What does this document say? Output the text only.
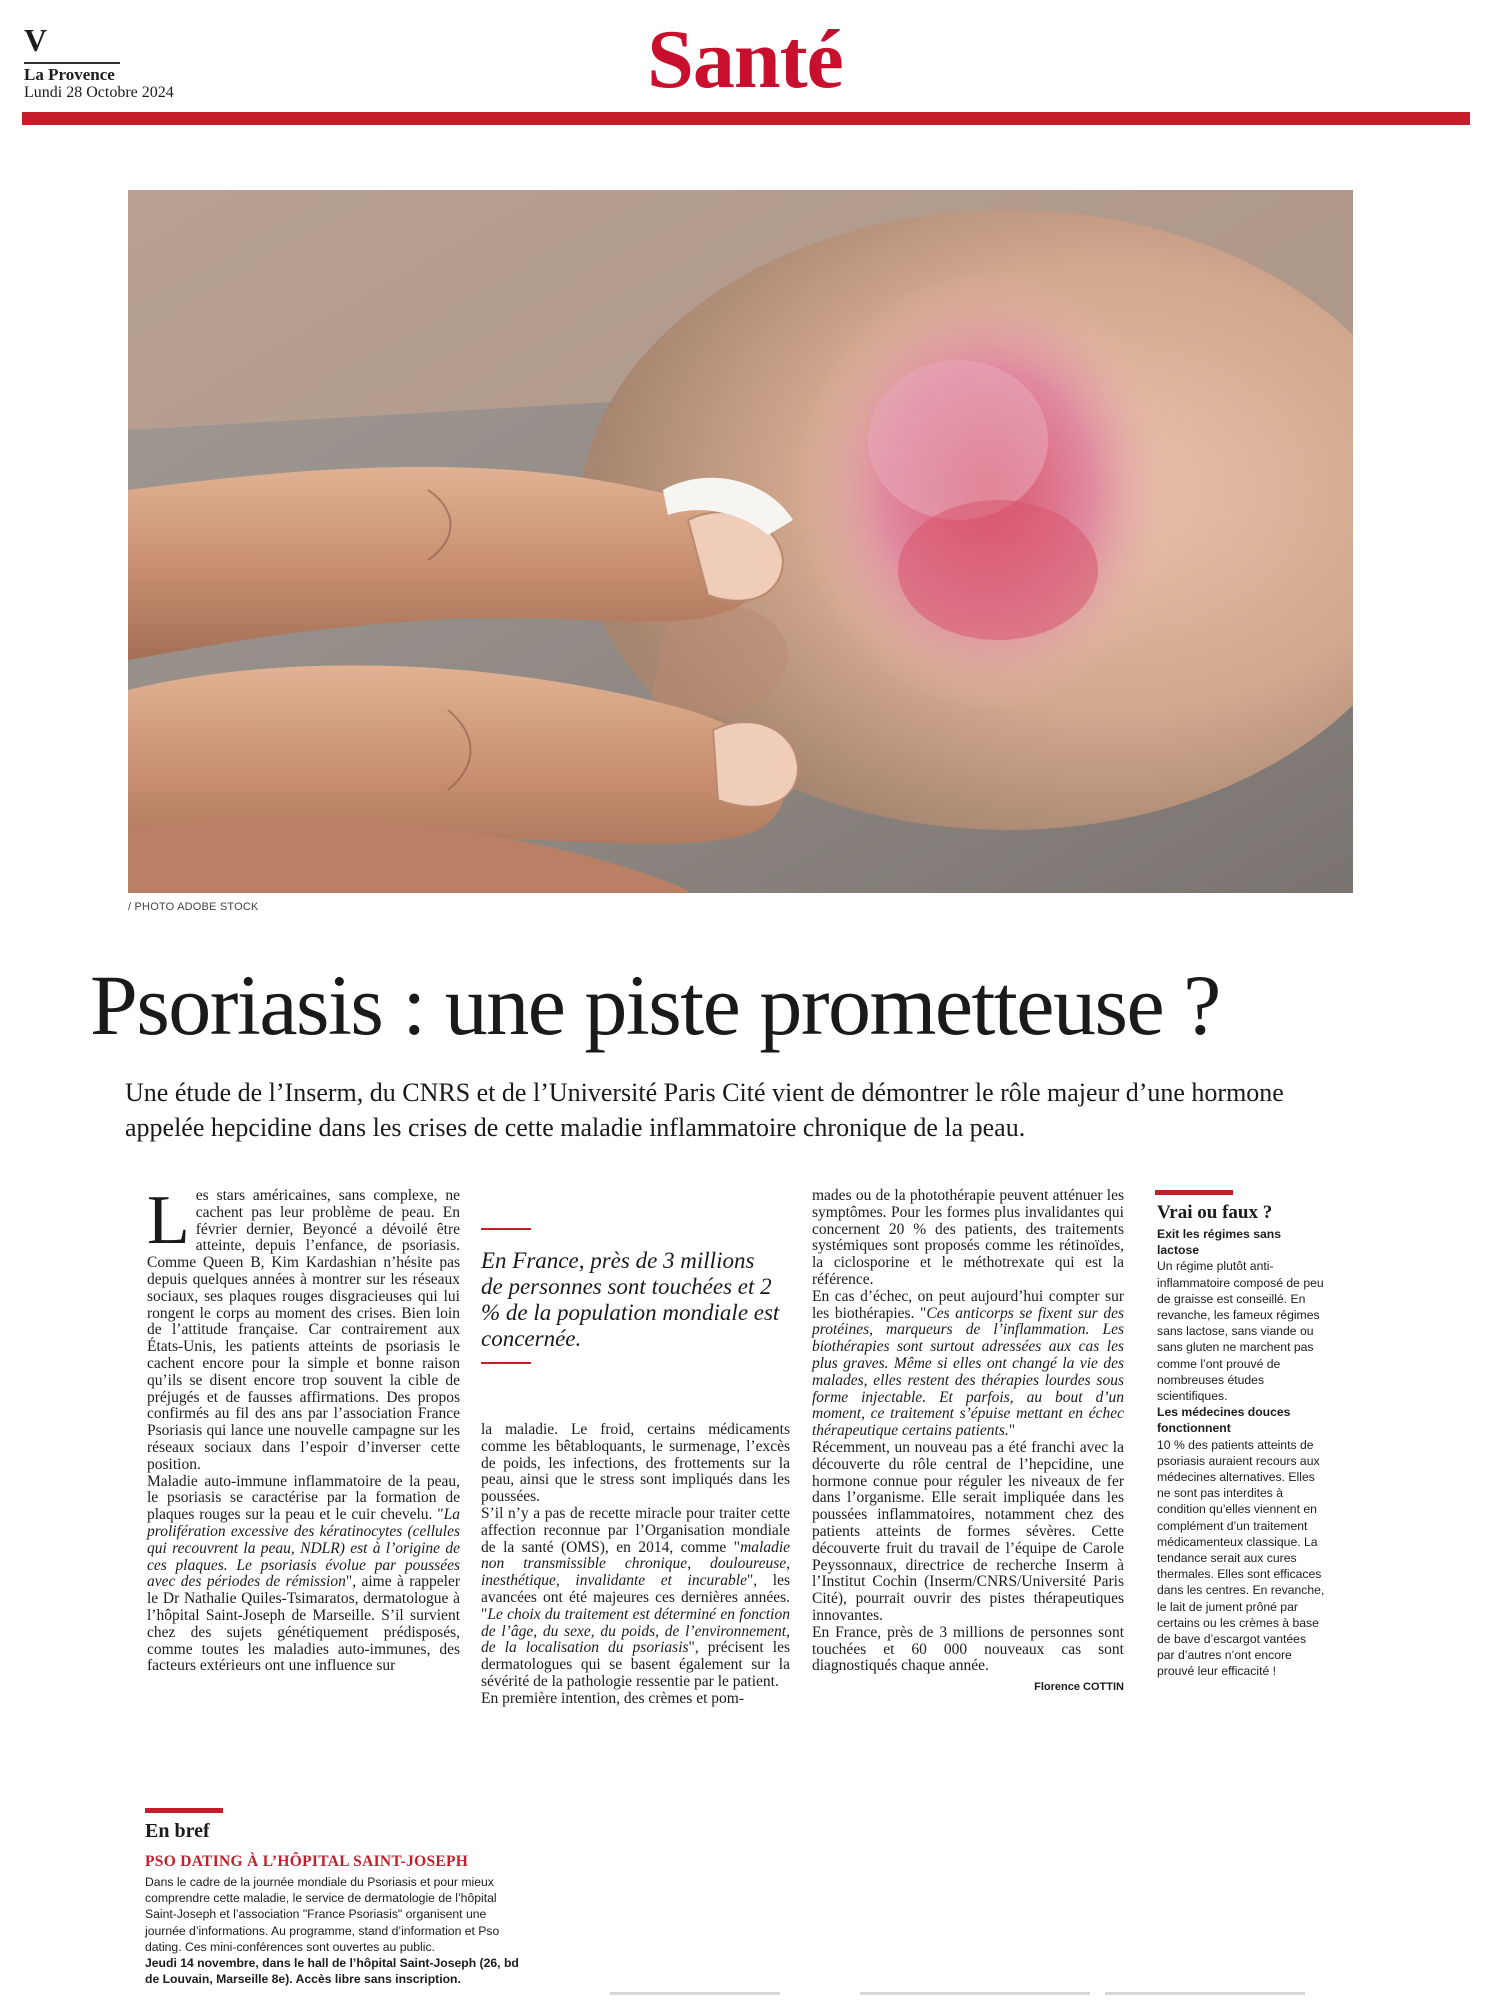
V
La Provence
Lundi 28 Octobre 2024	Santé
/ PHOTO ADOBE STOCK
Psoriasis : une piste prometteuse ?
Une étude de l’Inserm, du CNRS et de l’Université Paris Cité vient de démontrer le rôle majeur d’une hormone appelée hepcidine dans les crises de cette maladie inflammatoire chronique de la peau.
L es stars américaines, sans complexe, ne cachent pas leur problème de peau. En février dernier, Beyoncé a dévoilé être atteinte, depuis l’enfance, de psoriasis. Comme Queen B, Kim Kardashian n’hésite pas depuis quelques années à montrer sur les réseaux sociaux, ses plaques rouges disgracieuses qui lui rongent le corps au moment des crises. Bien loin de l’attitude française. Car contrairement aux États-Unis, les patients atteints de psoriasis le cachent encore pour la simple et bonne raison qu’ils se disent encore trop souvent la cible de préjugés et de fausses affirmations. Des propos confirmés au fil des ans par l’association France Psoriasis qui lance une nouvelle campagne sur les réseaux sociaux dans l’espoir d’inverser cette position.

Maladie auto-immune inflammatoire de la peau, le psoriasis se caractérise par la formation de plaques rouges sur la peau et le cuir chevelu. "La prolifération excessive des kératinocytes (cellules qui recouvrent la peau, NDLR) est à l’origine de ces plaques. Le psoriasis évolue par poussées avec des périodes de rémission", aime à rappeler le Dr Nathalie Quiles-Tsimaratos, dermatologue à l’hôpital Saint-Joseph de Marseille. S’il survient chez des sujets génétiquement prédisposés, comme toutes les maladies auto-immunes, des facteurs extérieurs ont une influence sur

En France, près de 3 millions de personnes sont touchées et 2 % de la population mondiale est concernée.

la maladie. Le froid, certains médicaments comme les bêtabloquants, le surmenage, l’excès de poids, les infections, des frottements sur la peau, ainsi que le stress sont impliqués dans les poussées.

S’il n’y a pas de recette miracle pour traiter cette affection reconnue par l’Organisation mondiale de la santé (OMS), en 2014, comme "maladie non transmissible chronique, douloureuse, inesthétique, invalidante et incurable", les avancées ont été majeures ces dernières années. "Le choix du traitement est déterminé en fonction de l’âge, du sexe, du poids, de l’environnement, de la localisation du psoriasis", précisent les dermatologues qui se basent également sur la sévérité de la pathologie ressentie par le patient.

En première intention, des crèmes et pom-

mades ou de la photothérapie peuvent atténuer les symptômes. Pour les formes plus invalidantes qui concernent 20 % des patients, des traitements systémiques sont proposés comme les rétinoïdes, la ciclosporine et le méthotrexate qui est la référence.

En cas d’échec, on peut aujourd’hui compter sur les biothérapies. "Ces anticorps se fixent sur des protéines, marqueurs de l’inflammation. Les biothérapies sont surtout adressées aux cas les plus graves. Même si elles ont changé la vie des malades, elles restent des thérapies lourdes sous forme injectable. Et parfois, au bout d’un moment, ce traitement s’épuise mettant en échec thérapeutique certains patients."

Récemment, un nouveau pas a été franchi avec la découverte du rôle central de l’hepcidine, une hormone connue pour réguler les niveaux de fer dans l’organisme. Elle serait impliquée dans les poussées inflammatoires, notamment chez des patients atteints de formes sévères. Cette découverte fruit du travail de l’équipe de Carole Peyssonnaux, directrice de recherche Inserm à l’Institut Cochin (Inserm/CNRS/Université Paris Cité), pourrait ouvrir des pistes thérapeutiques innovantes.

En France, près de 3 millions de personnes sont touchées et 60 000 nouveaux cas sont diagnostiqués chaque année.

Florence COTTIN
Vrai ou faux ?

Exit les régimes sans lactose

Un régime plutôt anti-inflammatoire composé de peu de graisse est conseillé. En revanche, les fameux régimes sans lactose, sans viande ou sans gluten ne marchent pas comme l’ont prouvé de nombreuses études scientifiques.

Les médecines douces fonctionnent

10 % des patients atteints de psoriasis auraient recours aux médecines alternatives. Elles ne sont pas interdites à condition qu’elles viennent en complément d’un traitement médicamenteux classique. La tendance serait aux cures thermales. Elles sont efficaces dans les centres. En revanche, le lait de jument prôné par certains ou les crèmes à base de bave d’escargot vantées par d’autres n’ont encore prouvé leur efficacité !

En bref
PSO DATING À L’HÔPITAL SAINT-JOSEPH

Dans le cadre de la journée mondiale du Psoriasis et pour mieux comprendre cette maladie, le service de dermatologie de l’hôpital Saint-Joseph et l’association "France Psoriasis" organisent une journée d’informations. Au programme, stand d’information et Pso dating. Ces mini-conférences sont ouvertes au public.

Jeudi 14 novembre, dans le hall de l’hôpital Saint-Joseph (26, bd de Louvain, Marseille 8e). Accès libre sans inscription.
